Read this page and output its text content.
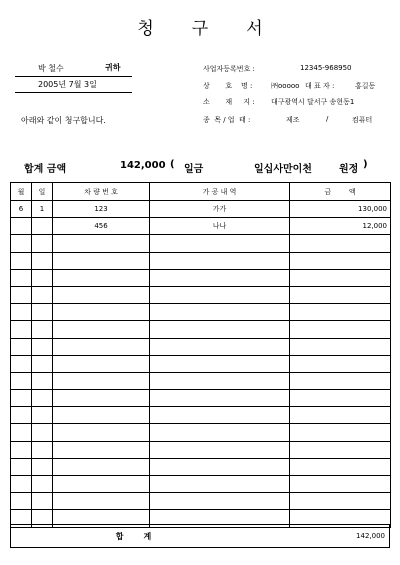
청 구 서
박 철수	귀하
2005년 7월 3일
아래와 같이 청구합니다.
사업자등록번호 :	12345-968950
상       호    명 :	㈜ooooo 대 표 자 :	홍길동
소       재     지 : 대구광역시 달서구 송현동1
종  목 / 업  태 :	제조	/	컴퓨터
합계 금액	142,000 ( 일금	일십사만이천	원정 )
월	일	차 량 번 호	가 공 내 역	금        액
6	1	123	가가	130,000
		456	나나	12,000

합	계	142,000
